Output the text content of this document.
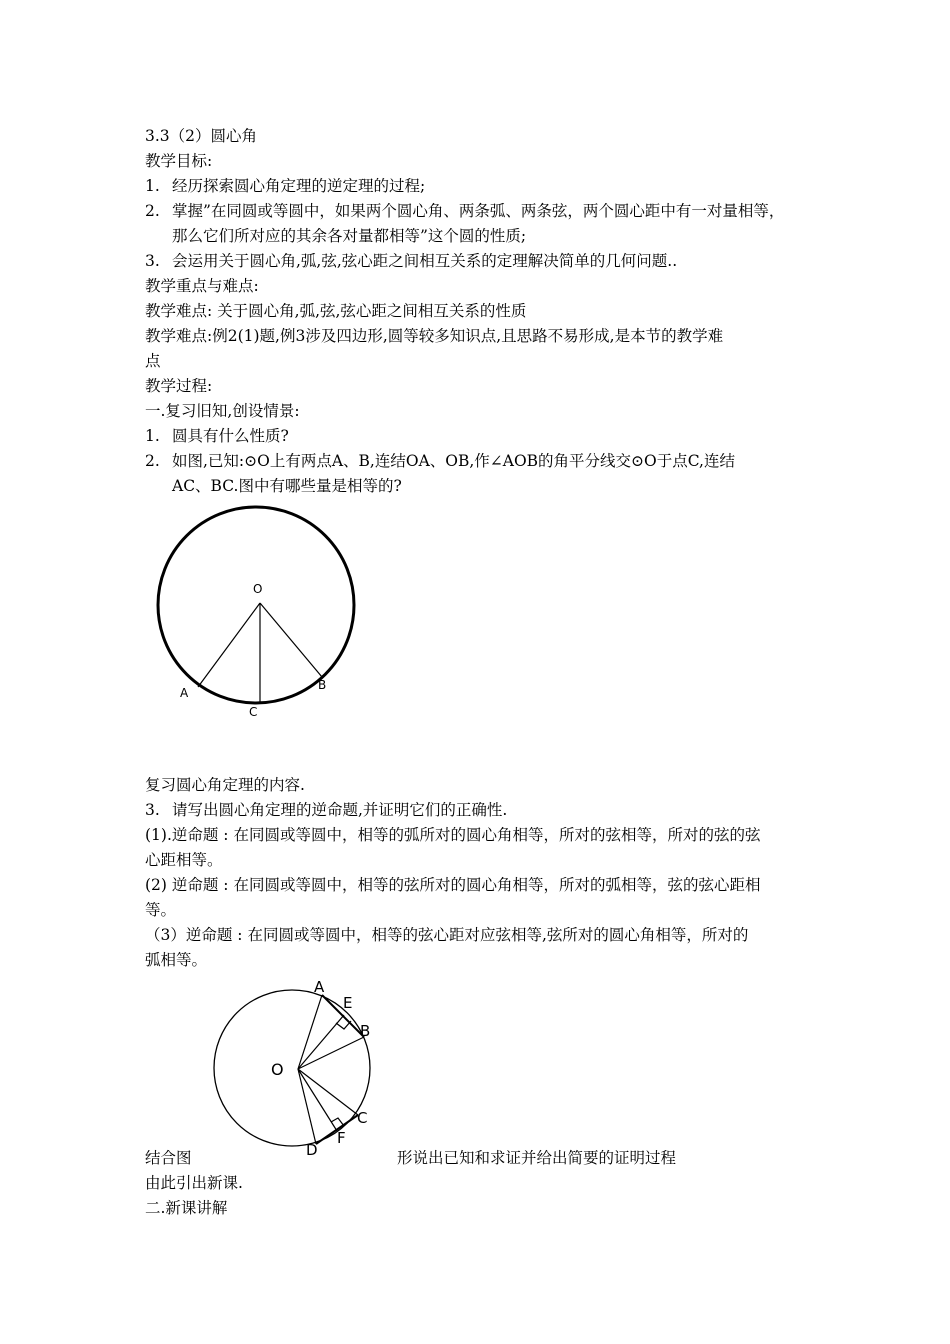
3.3（2）圆心角
教学目标:
1. 经历探索圆心角定理的逆定理的过程;
2. 掌握”在同圆或等圆中，如果两个圆心角、两条弧、两条弦，两个圆心距中有一对量相等，
那么它们所对应的其余各对量都相等”这个圆的性质;
3. 会运用关于圆心角,弧,弦,弦心距之间相互关系的定理解决简单的几何问题..
教学重点与难点:
教学难点: 关于圆心角,弧,弦,弦心距之间相互关系的性质
教学难点:例2(1)题,例3涉及四边形,圆等较多知识点,且思路不易形成,是本节的教学难
点
教学过程:
一.复习旧知,创设情景:
1. 圆具有什么性质?
2. 如图,已知:⊙O上有两点A、B,连结OA、OB,作∠AOB的角平分线交⊙O于点C,连结
AC、BC.图中有哪些量是相等的?
O
A
B
C
复习圆心角定理的内容.
3. 请写出圆心角定理的逆命题,并证明它们的正确性.
(1).逆命题 : 在同圆或等圆中，相等的弧所对的圆心角相等，所对的弦相等，所对的弦的弦
心距相等。
(2) 逆命题 : 在同圆或等圆中，相等的弦所对的圆心角相等，所对的弧相等，弦的弦心距相
等。
（3）逆命题 : 在同圆或等圆中，相等的弦心距对应弦相等,弦所对的圆心角相等，所对的
弧相等。
O
A
E
B
C
F
D
结合图	形说出已知和求证并给出简要的证明过程
由此引出新课.
二.新课讲解
